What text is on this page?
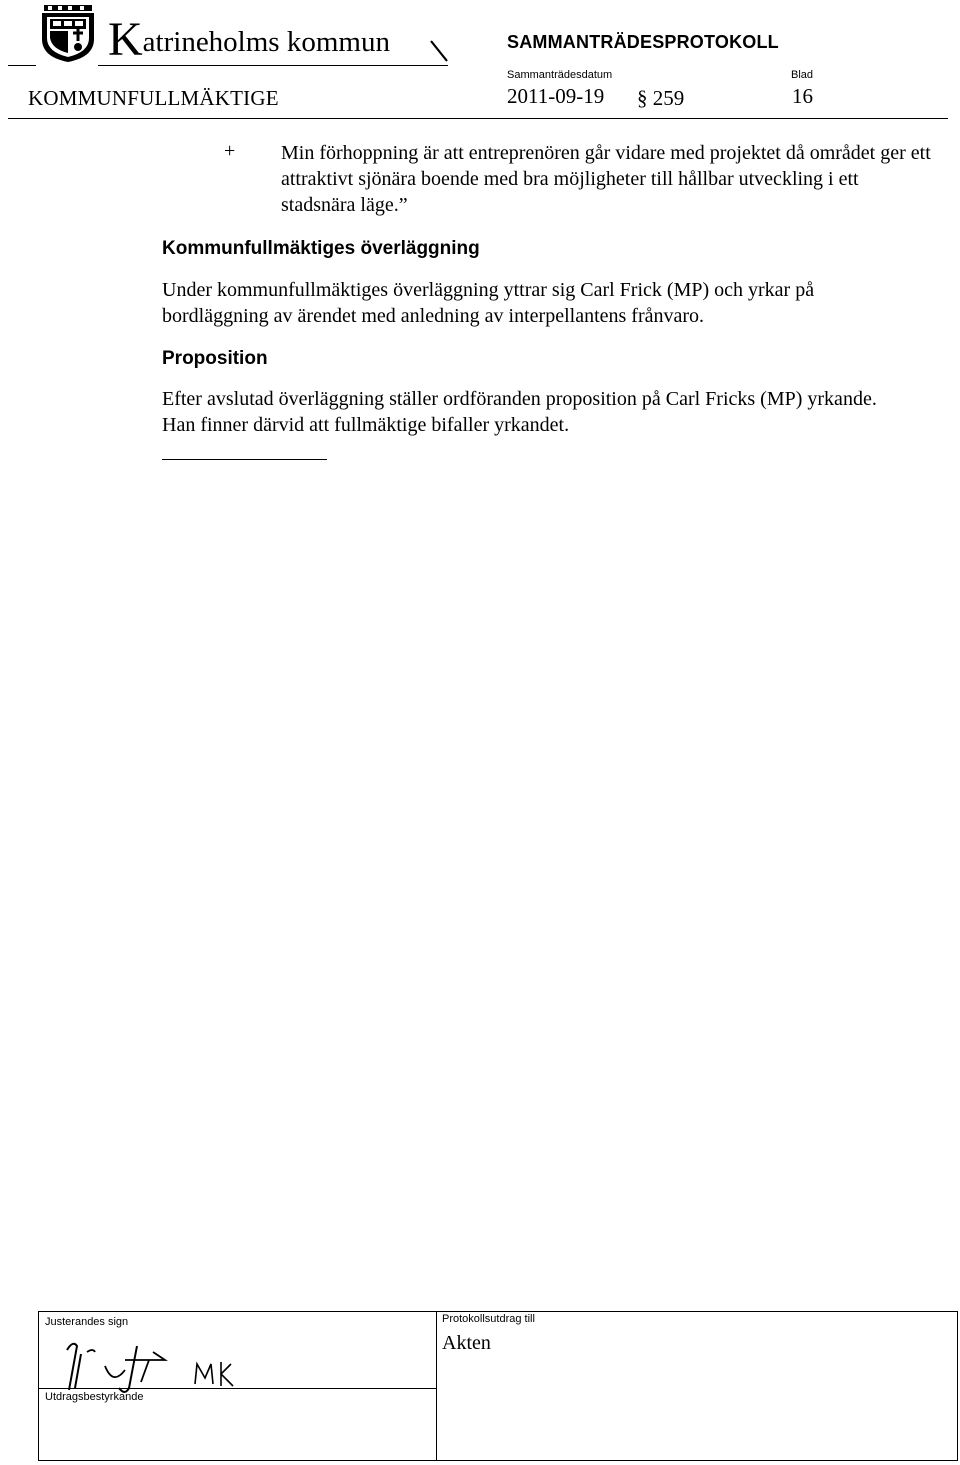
Katrineholms kommun	SAMMANTRÄDESPROTOKOLL
KOMMUNFULLMÄKTIGE
Sammanträdesdatum
2011-09-19 § 259
Blad
16
+ Min förhoppning är att entreprenören går vidare med projektet då området ger ett attraktivt sjönära boende med bra möjligheter till hållbar utveckling i ett stadsnära läge.”
Kommunfullmäktiges överläggning
Under kommunfullmäktiges överläggning yttrar sig Carl Frick (MP) och yrkar på bordläggning av ärendet med anledning av interpellantens frånvaro.
Proposition
Efter avslutad överläggning ställer ordföranden proposition på Carl Fricks (MP) yrkande. Han finner därvid att fullmäktige bifaller yrkandet.
Justerandes sign
Utdragsbestyrkande
Protokollsutdrag till
Akten
